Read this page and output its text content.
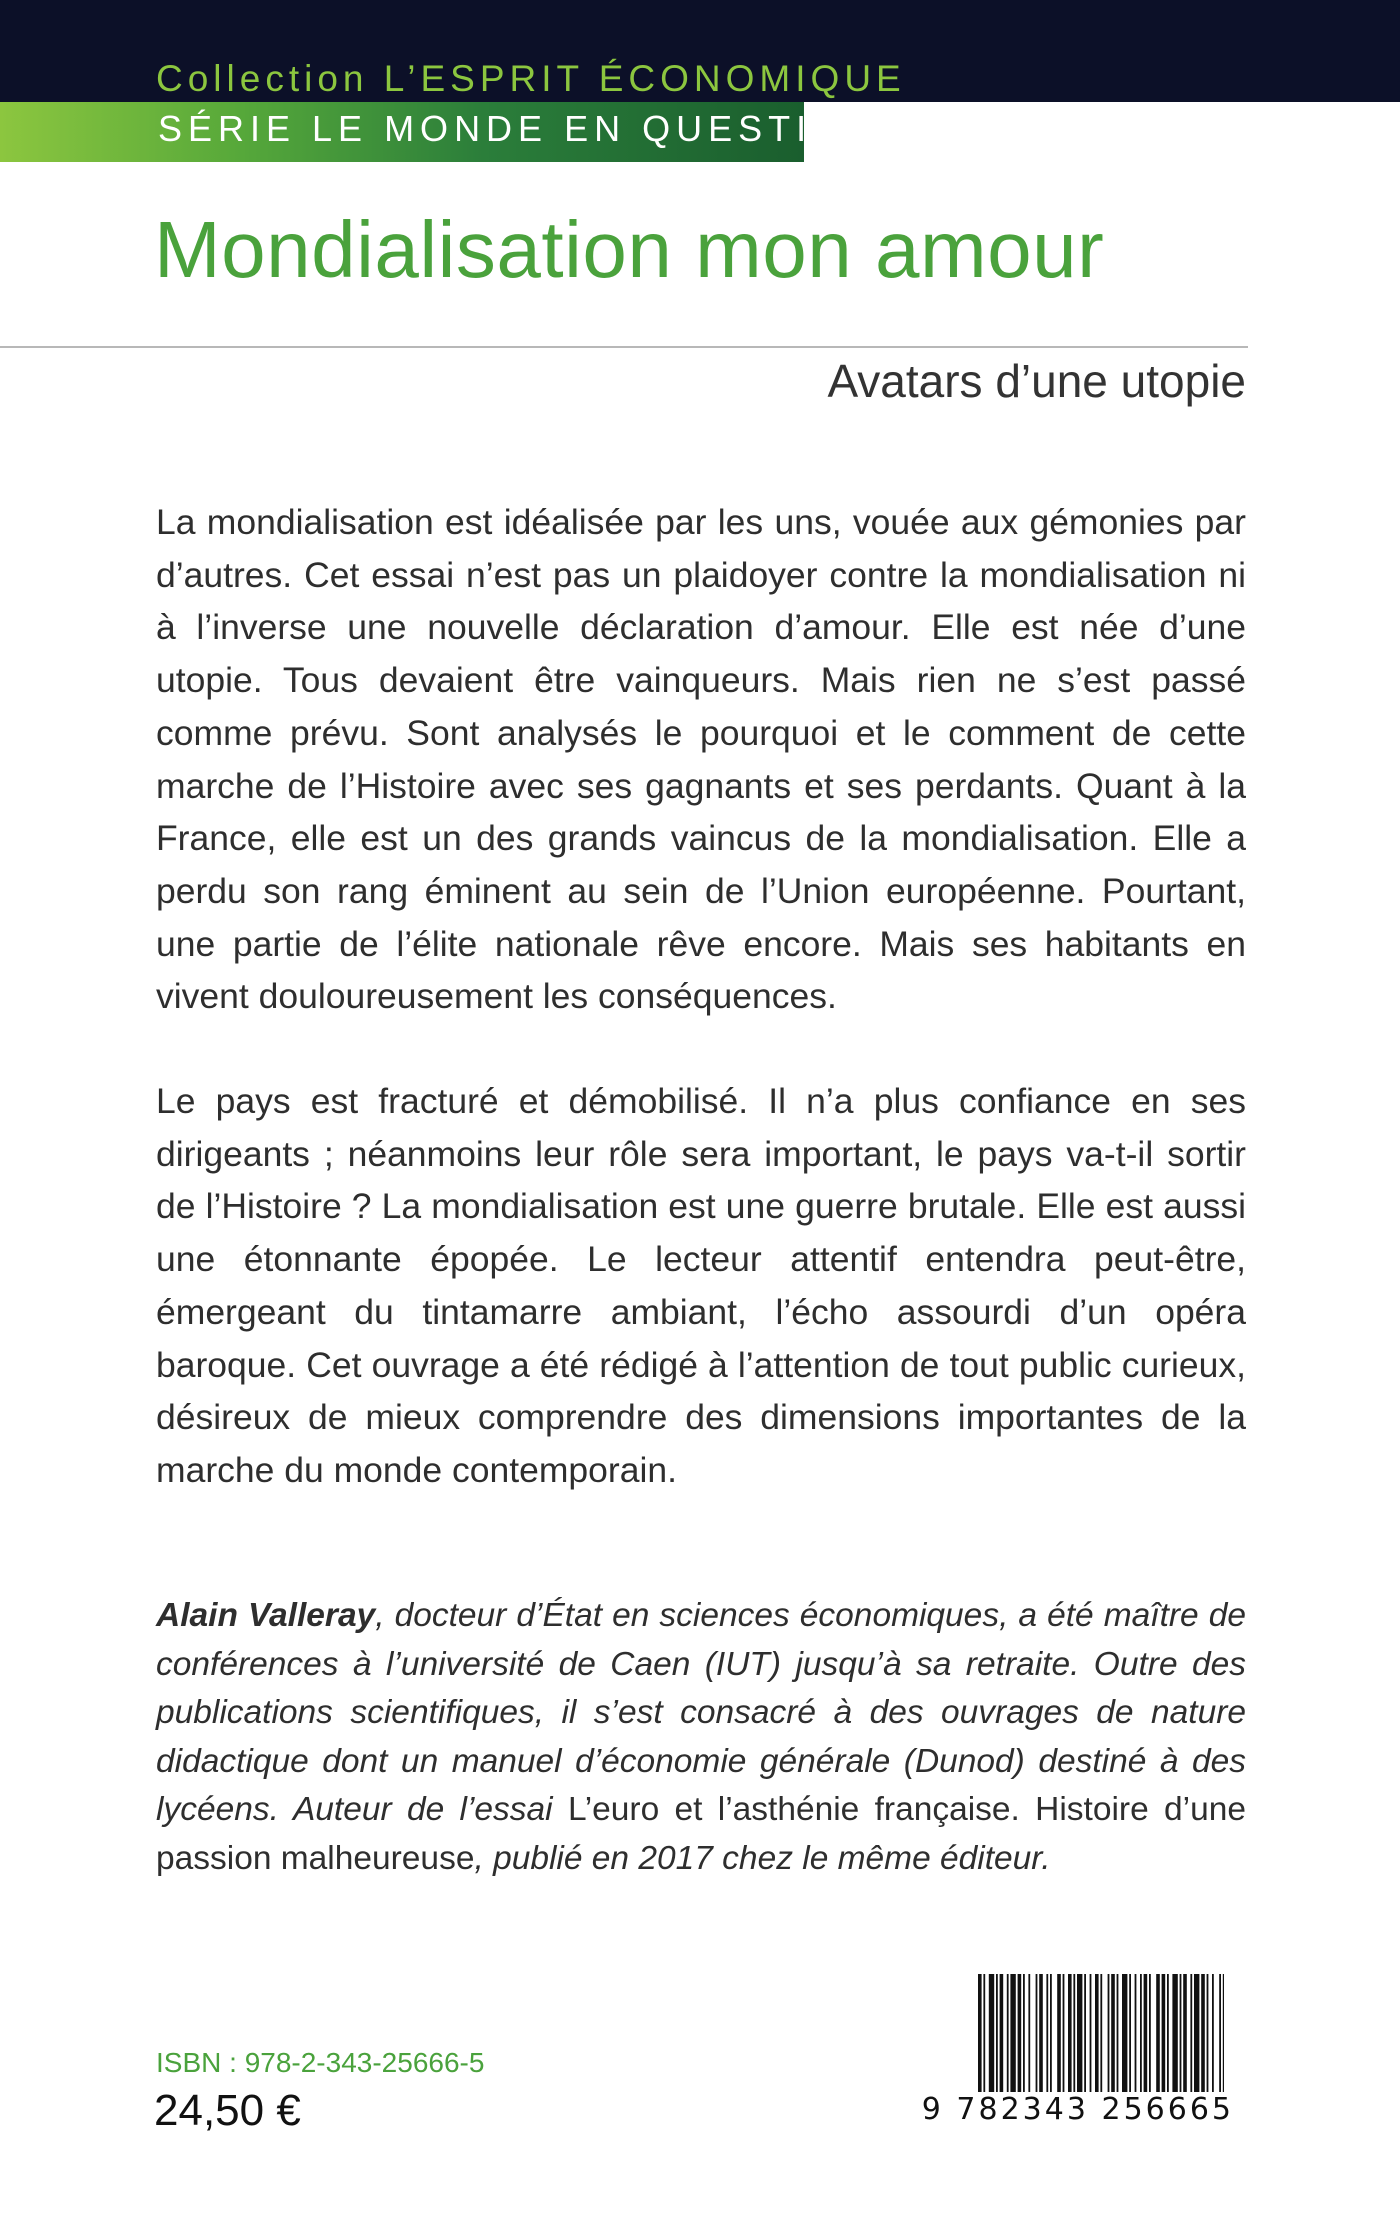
Collection L’ESPRIT ÉCONOMIQUE
SÉRIE LE MONDE EN QUESTION
Mondialisation mon amour
Avatars d’une utopie
La mondialisation est idéalisée par les uns, vouée aux gémonies par d’autres. Cet essai n’est pas un plaidoyer contre la mondialisation ni à l’inverse une nouvelle déclaration d’amour. Elle est née d’une utopie. Tous devaient être vainqueurs. Mais rien ne s’est passé comme prévu. Sont analysés le pourquoi et le comment de cette marche de l’Histoire avec ses gagnants et ses perdants. Quant à la France, elle est un des grands vaincus de la mondialisation. Elle a perdu son rang éminent au sein de l’Union européenne. Pourtant, une partie de l’élite nationale rêve encore. Mais ses habitants en vivent douloureusement les conséquences.
Le pays est fracturé et démobilisé. Il n’a plus confiance en ses dirigeants ; néanmoins leur rôle sera important, le pays va-t-il sortir de l’Histoire ? La mondialisation est une guerre brutale. Elle est aussi une étonnante épopée. Le lecteur attentif entendra peut-être, émergeant du tintamarre ambiant, l’écho assourdi d’un opéra baroque. Cet ouvrage a été rédigé à l’attention de tout public curieux, désireux de mieux comprendre des dimensions importantes de la marche du monde contemporain.
Alain Valleray, docteur d’État en sciences économiques, a été maître de conférences à l’université de Caen (IUT) jusqu’à sa retraite. Outre des publications scientifiques, il s’est consacré à des ouvrages de nature didactique dont un manuel d’économie générale (Dunod) destiné à des lycéens. Auteur de l’essai L’euro et l’asthénie française. Histoire d’une passion malheureuse, publié en 2017 chez le même éditeur.
ISBN : 978-2-343-25666-5
24,50 €	9 782343 256665
